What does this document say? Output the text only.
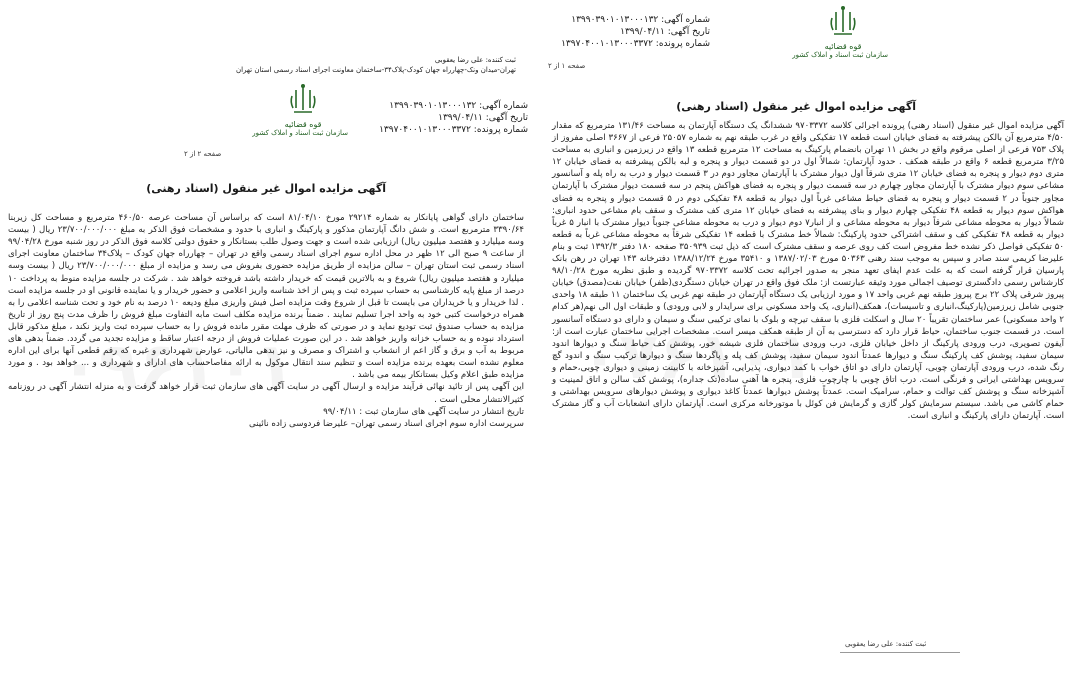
شماره آگهی: ۱۳۹۹۰۳۹۰۱۰۱۳۰۰۰۱۳۲
تاریخ آگهی: ۱۳۹۹/۰۴/۱۱
شماره پرونده: ۱۳۹۷۰۴۰۰۱۰۱۳۰۰۰۳۳۷۲	قوه قضائیه
سازمان ثبت اسناد و املاک کشور
صفحه ۱ از ۲
آگهی مزایده اموال غیر منقول (اسناد رهنی)

آگهی مزایده اموال غیر منقول (اسناد رهنی) پرونده اجرائی کلاسه ۹۷۰۳۳۷۲ ششدانگ یک دستگاه آپارتمان به مساحت ۱۳۱/۴۶ مترمربع که مقدار ۴/۵۰ مترمربع آن بالکن پیشرفته به فضای خیابان است قطعه ۱۷ تفکیکی واقع در غرب طبقه نهم به شماره ۲۵۰۵۷ فرعی از ۳۶۶۷ اصلی مفروز از پلاک ۷۵۳ فرعی از اصلی مرقوم واقع در بخش ۱۱ تهران بانضمام پارکینگ به مساحت ۱۲ مترمربع قطعه ۱۳ واقع در زیرزمین و انباری به مساحت ۳/۲۵ مترمربع قطعه ۶ واقع در طبقه همکف . حدود آپارتمان: شمالاً اول در دو قسمت دیوار و پنجره و لبه بالکن پیشرفته به فضای خیابان ۱۲ متری دوم دیوار و پنجره به فضای خیابان ۱۲ متری شرقاً اول دیوار مشترک با آپارتمان مجاور دوم در ۳ قسمت دیوار و درب به راه پله و آسانسور مشاعی سوم دیوار مشترک با آپارتمان مجاور چهارم در سه قسمت دیوار و پنجره به فضای هواکش پنجم در سه قسمت دیوار مشترک با آپارتمان مجاور جنوباً در ۲ قسمت دیوار و پنجره به فضای حیاط مشاعی غرباً اول دیوار به قطعه ۴۸ تفکیکی دوم در ۵ قسمت دیوار و پنجره به فضای هواکش سوم دیوار به قطعه ۴۸ تفکیکی چهارم دیوار و بنای پیشرفته به فضای خیابان ۱۲ متری کف مشترک و سقف بام مشاعی حدود انباری: شمالاً دیوار به محوطه مشاعی شرقاً دیوار به محوطه مشاعی و از انبار۷ دوم دیوار و درب به محوطه مشاعی جنوباً دیوار مشترک با انبار ۵ غرباً دیوار به قطعه ۴۸ تفکیکی کف و سقف اشتراکی حدود پارکینگ: شمالاً خط مشترک با قطعه ۱۴ تفکیکی شرقاً به محوطه مشاعی غرباً به قطعه ۵۰ تفکیکی فواصل ذکر نشده خط مفروض است کف روی عرصه و سقف مشترک است که ذیل ثبت ۳۵۰۹۳۹ صفحه ۱۸۰ دفتر ۱۳۹۲/۳ ثبت و بنام علیرضا کریمی سند صادر و سپس به موجب سند رهنی ۵۰۳۶۳ مورخ ۱۳۸۷/۰۲/۰۳ و ۳۵۴۱۰ مورخ ۱۳۸۸/۱۲/۲۴ دفترخانه ۱۴۳ تهران در رهن بانک پارسیان قرار گرفته است که به علت عدم ایفای تعهد منجر به صدور اجرائیه تحت کلاسه ۹۷۰۳۳۷۲ گردیده و طبق نظریه مورخ ۹۸/۱۰/۲۸ کارشناس رسمی دادگستری توصیف اجمالی مورد وثیقه عبارتست از: ملک فوق واقع در تهران خیابان دستگردی(ظفر) خیابان نفت(مصدق) خیابان پیروز شرقی پلاک ۲۲ برج پیروز طبقه نهم غربی واحد ۱۷ و مورد ارزیابی یک دستگاه آپارتمان در طبقه نهم غربی یک ساختمان ۱۱ طبقه ۱۸ واحدی جنوبی شامل زیرزمین(پارکینگ،انباری و تاسیسات)، همکف(انباری، یک واحد مسکونی برای سرایدار و لابی ورودی) و طبقات اول الی نهم(هر کدام ۲ واحد مسکونی) عمر ساختمان تقریباً ۲۰ سال و اسکلت فلزی با سقف تیرچه و بلوک با نمای ترکیبی سنگ و سیمان و دارای دو دستگاه آسانسور است. در قسمت جنوب ساختمان، حیاط قرار دارد که دسترسی به آن از طبقه همکف میسر است. مشخصات اجرایی ساختمان عبارت است از: آیفون تصویری، درب ورودی پارکینگ از داخل خیابان فلزی، درب ورودی ساختمان فلزی شیشه خور، پوشش کف حیاط سنگ و دیوارها اندود سیمان سفید، پوشش کف پارکینگ سنگ و دیوارها عمدتاً اندود سیمان سفید، پوشش کف پله و پاگردها سنگ و دیوارها ترکیب سنگ و اندود گچ رنگ شده، درب ورودی آپارتمان چوبی، آپارتمان دارای دو اتاق خواب با کمد دیواری، پذیرایی، آشپزخانه با کابینت زمینی و دیواری چوبی،حمام و سرویس بهداشتی ایرانی و فرنگی است. درب اتاق چوبی با چارچوب فلزی، پنجره ها آهنی ساده(تک جداره)، پوشش کف سالن و اتاق لمینیت و آشپزخانه سنگ و پوشش کف توالت و حمام، سرامیک است. عمدتاً پوشش دیوارها عمدتاً کاغذ دیواری و پوشش دیوارهای سرویس بهداشتی و حمام کاشی می باشد. سیستم سرمایش کولر گازی و گرمایش فن کوئل با موتورخانه مرکزی است. آپارتمان دارای انشعابات آب و گاز مشترک است. آپارتمان دارای پارکینگ و انباری است.

ثبت کننده: علی رضا یعقوبی
ثبت کننده: علی رضا یعقوبی
تهران-میدان ونک-چهارراه جهان کودک-پلاک۳۴-ساختمان معاونت اجرای اسناد رسمی استان تهران
شماره آگهی: ۱۳۹۹۰۳۹۰۱۰۱۳۰۰۰۱۳۲
تاریخ آگهی: ۱۳۹۹/۰۴/۱۱
شماره پرونده: ۱۳۹۷۰۴۰۰۱۰۱۳۰۰۰۳۳۷۲
قوه قضائیه
سازمان ثبت اسناد و املاک کشور
صفحه ۲ از ۲
آگهی مزایده اموال غیر منقول (اسناد رهنی)

ساختمان دارای گواهی پایانکار به شماره ۲۹۲۱۴ مورخ ۸۱/۰۴/۱۰ است که براساس آن مساحت عرصه ۴۶۰/۵۰ مترمربع و مساحت کل زیربنا ۳۳۹۰/۶۴ مترمربع است. و شش دانگ آپارتمان مذکور و پارکینگ و انباری با حدود و مشخصات فوق الذکر به مبلغ ۲۳/۷۰۰/۰۰۰/۰۰۰ ریال ( بیست وسه میلیارد و هفتصد میلیون ریال) ارزیابی شده است و جهت وصول طلب بستانکار و حقوق دولتی کلاسه فوق الذکر در روز شنبه مورخ ۹۹/۰۴/۲۸ از ساعت ۹ صبح الی ۱۲ ظهر در محل اداره سوم اجرای اسناد رسمی واقع در تهران – چهارراه جهان کودک – پلاک۳۴ ساختمان معاونت اجرای اسناد رسمی ثبت استان تهران – سالن مزایده از طریق مزایده حضوری بفروش می رسد و مزایده از مبلغ ۲۳/۷۰۰/۰۰۰/۰۰۰ ریال ( بیست وسه میلیارد و هفتصد میلیون ریال) شروع و به بالاترین قیمت که خریدار داشته باشد فروخته خواهد شد . شرکت در جلسه مزایده منوط به پرداخت ۱۰ درصد از مبلغ پایه کارشناسی به حساب سپرده ثبت و پس از اخذ شناسه واریز اعلامی و حضور خریدار و یا نماینده قانونی او در جلسه مزایده است . لذا خریدار و یا خریداران می بایست تا قبل از شروع وقت مزایده اصل فیش واریزی مبلغ ودیعه ۱۰ درصد به نام خود و تحت شناسه اعلامی را به همراه درخواست کتبی خود به واحد اجرا تسلیم نمایند . ضمناً برنده مزایده مکلف است مابه التفاوت مبلغ فروش را ظرف مدت پنج روز از تاریخ مزایده به حساب صندوق ثبت تودیع نماید و در صورتی که ظرف مهلت مقرر مانده فروش را به حساب سپرده ثبت واریز نکند ، مبلغ مذکور قابل استرداد نبوده و به حساب خزانه واریز خواهد شد . در این صورت عملیات فروش از درجه اعتبار ساقط و مزایده تجدید می گردد. ضمناً بدهی های مربوط به آب و برق و گاز اعم از انشعاب و اشتراک و مصرف و نیز بدهی مالیاتی، عوارض شهرداری و غیره که رقم قطعی آنها برای این اداره معلوم نشده است بعهده برنده مزایده است و تنظیم سند انتقال موکول به ارائه مفاصاحساب های ادارای و شهرداری و ... خواهد بود . و مورد مزایده طبق اعلام وکیل بستانکار بیمه می باشد .
این آگهی پس از تائید نهائی فرآیند مزایده و ارسال آگهی در سایت آگهی های سازمان ثبت قرار خواهد گرفت و به منزله انتشار آگهی در روزنامه کثیرالانتشار محلی است .
تاریخ انتشار در سایت آگهی های سازمان ثبت : ۹۹/۰۴/۱۱
سرپرست اداره سوم اجرای اسناد رسمی تهران– علیرضا فردوسی زاده نائینی
